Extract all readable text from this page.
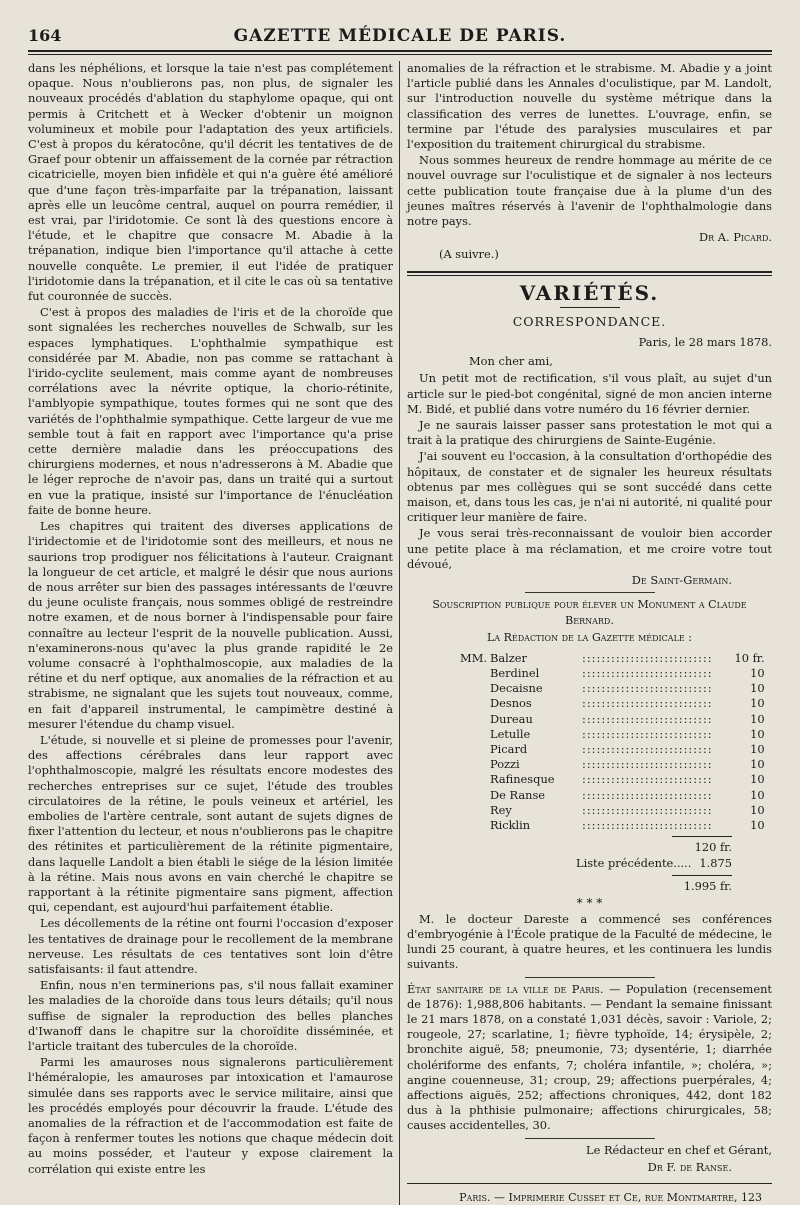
164	GAZETTE MÉDICALE DE PARIS.

dans les néphélions, et lorsque la taie n'est pas complétement opaque. Nous n'oublierons pas, non plus, de signaler les nouveaux procédés d'ablation du staphylome opaque, qui ont permis à Critchett et à Wecker d'obtenir un moignon volumineux et mobile pour l'adaptation des yeux artificiels. C'est à propos du kératocône, qu'il décrit les tentatives de de Graef pour obtenir un affaissement de la cornée par rétraction cicatricielle, moyen bien infidèle et qui n'a guère été amélioré que d'une façon très-imparfaite par la trépanation, laissant après elle un leucôme central, auquel on pourra remédier, il est vrai, par l'iridotomie. Ce sont là des questions encore à l'étude, et le chapitre que consacre M. Abadie à la trépanation, indique bien l'importance qu'il attache à cette nouvelle conquête. Le premier, il eut l'idée de pratiquer l'iridotomie dans la trépanation, et il cite le cas où sa tentative fut couronnée de succès.

C'est à propos des maladies de l'iris et de la choroïde que sont signalées les recherches nouvelles de Schwalb, sur les espaces lymphatiques. L'ophthalmie sympathique est considérée par M. Abadie, non pas comme se rattachant à l'irido-cyclite seulement, mais comme ayant de nombreuses corrélations avec la névrite optique, la chorio-rétinite, l'amblyopie sympathique, toutes formes qui ne sont que des variétés de l'ophthalmie sympathique. Cette largeur de vue me semble tout à fait en rapport avec l'importance qu'a prise cette dernière maladie dans les préoccupations des chirurgiens modernes, et nous n'adresserons à M. Abadie que le léger reproche de n'avoir pas, dans un traité qui a surtout en vue la pratique, insisté sur l'importance de l'énucléation faite de bonne heure.

Les chapitres qui traitent des diverses applications de l'iridectomie et de l'iridotomie sont des meilleurs, et nous ne saurions trop prodiguer nos félicitations à l'auteur. Craignant la longueur de cet article, et malgré le désir que nous aurions de nous arrêter sur bien des passages intéressants de l'œuvre du jeune oculiste français, nous sommes obligé de restreindre notre examen, et de nous borner à l'indispensable pour faire connaître au lecteur l'esprit de la nouvelle publication. Aussi, n'examinerons-nous qu'avec la plus grande rapidité le 2e volume consacré à l'ophthalmoscopie, aux maladies de la rétine et du nerf optique, aux anomalies de la réfraction et au strabisme, ne signalant que les sujets tout nouveaux, comme, en fait d'appareil instrumental, le campimètre destiné à mesurer l'étendue du champ visuel.

L'étude, si nouvelle et si pleine de promesses pour l'avenir, des affections cérébrales dans leur rapport avec l'ophthalmoscopie, malgré les résultats encore modestes des recherches entreprises sur ce sujet, l'étude des troubles circulatoires de la rétine, le pouls veineux et artériel, les embolies de l'artère centrale, sont autant de sujets dignes de fixer l'attention du lecteur, et nous n'oublierons pas le chapitre des rétinites et particulièrement de la rétinite pigmentaire, dans laquelle Landolt a bien établi le siége de la lésion limitée à la rétine. Mais nous avons en vain cherché le chapitre se rapportant à la rétinite pigmentaire sans pigment, affection qui, cependant, est aujourd'hui parfaitement établie.

Les décollements de la rétine ont fourni l'occasion d'exposer les tentatives de drainage pour le recollement de la membrane nerveuse. Les résultats de ces tentatives sont loin d'être satisfaisants: il faut attendre.

Enfin, nous n'en terminerions pas, s'il nous fallait examiner les maladies de la choroïde dans tous leurs détails; qu'il nous suffise de signaler la reproduction des belles planches d'Iwanoff dans le chapitre sur la choroïdite disséminée, et l'article traitant des tubercules de la choroïde.

Parmi les amauroses nous signalerons particulièrement l'héméralopie, les amauroses par intoxication et l'amaurose simulée dans ses rapports avec le service militaire, ainsi que les procédés employés pour découvrir la fraude. L'étude des anomalies de la réfraction et de l'accommodation est faite de façon à renfermer toutes les notions que chaque médecin doit au moins posséder, et l'auteur y expose clairement la corrélation qui existe entre les

anomalies de la réfraction et le strabisme. M. Abadie y a joint l'article publié dans les Annales d'oculistique, par M. Landolt, sur l'introduction nouvelle du système métrique dans la classification des verres de lunettes. L'ouvrage, enfin, se termine par l'étude des paralysies musculaires et par l'exposition du traitement chirurgical du strabisme.

Nous sommes heureux de rendre hommage au mérite de ce nouvel ouvrage sur l'oculistique et de signaler à nos lecteurs cette publication toute française due à la plume d'un des jeunes maîtres réservés à l'avenir de l'ophthalmologie dans notre pays.

Dr A. Picard.

(A suivre.)

VARIÉTÉS.
CORRESPONDANCE.

Paris, le 28 mars 1878.

Mon cher ami,

Un petit mot de rectification, s'il vous plaît, au sujet d'un article sur le pied-bot congénital, signé de mon ancien interne M. Bidé, et publié dans votre numéro du 16 février dernier.

Je ne saurais laisser passer sans protestation le mot qui a trait à la pratique des chirurgiens de Sainte-Eugénie.

J'ai souvent eu l'occasion, à la consultation d'orthopédie des hôpitaux, de constater et de signaler les heureux résultats obtenus par mes collègues qui se sont succédé dans cette maison, et, dans tous les cas, je n'ai ni autorité, ni qualité pour critiquer leur manière de faire.

Je vous serai très-reconnaissant de vouloir bien accorder une petite place à ma réclamation, et me croire votre tout dévoué,

De Saint-Germain.

Souscription publique pour élever un Monument a Claude Bernard.
La Rédaction de la Gazette médicale :
MM. Balzer	:::::::::::::::::::::::::::	10 fr.
Berdinel	:::::::::::::::::::::::::::	10
Decaisne	:::::::::::::::::::::::::::	10
Desnos	:::::::::::::::::::::::::::	10
Dureau	:::::::::::::::::::::::::::	10
Letulle	:::::::::::::::::::::::::::	10
Picard	:::::::::::::::::::::::::::	10
Pozzi	:::::::::::::::::::::::::::	10
Rafinesque	:::::::::::::::::::::::::::	10
De Ranse	:::::::::::::::::::::::::::	10
Rey	:::::::::::::::::::::::::::	10
Ricklin	:::::::::::::::::::::::::::	10
120 fr.
Liste précédente..... 1.875
1.995 fr.
* * *

M. le docteur Dareste a commencé ses conférences d'embryogénie à l'École pratique de la Faculté de médecine, le lundi 25 courant, à quatre heures, et les continuera les lundis suivants.

État sanitaire de la ville de Paris. — Population (recensement de 1876): 1,988,806 habitants. — Pendant la semaine finissant le 21 mars 1878, on a constaté 1,031 décès, savoir : Variole, 2; rougeole, 27; scarlatine, 1; fièvre typhoïde, 14; érysipèle, 2; bronchite aiguë, 58; pneumonie, 73; dysentérie, 1; diarrhée cholériforme des enfants, 7; choléra infantile, »; choléra, »; angine couenneuse, 31; croup, 29; affections puerpérales, 4; affections aiguës, 252; affections chroniques, 442, dont 182 dus à la phthisie pulmonaire; affections chirurgicales, 58; causes accidentelles, 30.

Le Rédacteur en chef et Gérant,

Dr F. de Ranse.

Paris. — Imprimerie Cusset et Ce, rue Montmartre, 123
